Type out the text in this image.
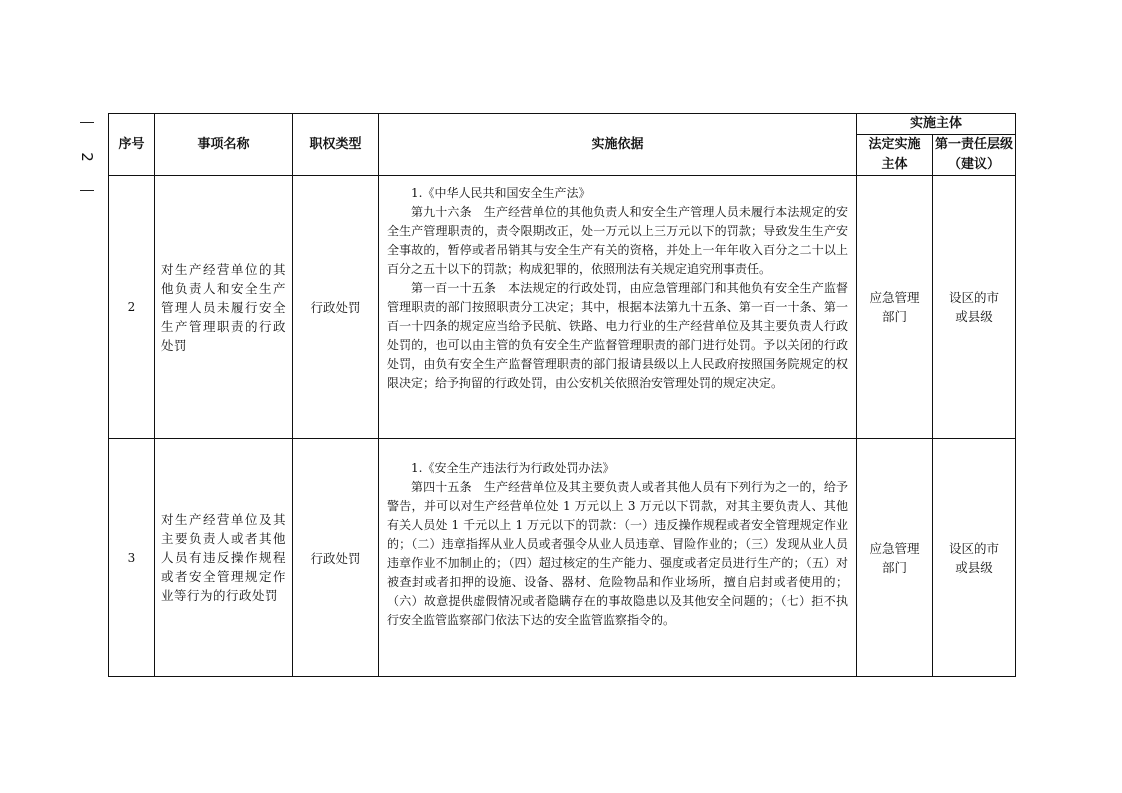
2
序号	事项名称	职权类型	实施依据	实施主体	
				法定实施主体	第一责任层级（建议）
2	对生产经营单位的其他负责人和安全生产管理人员未履行安全生产管理职责的行政处罚	行政处罚	1.《中华人民共和国安全生产法》

第九十六条　生产经营单位的其他负责人和安全生产管理人员未履行本法规定的安全生产管理职责的，责令限期改正，处一万元以上三万元以下的罚款；导致发生生产安全事故的，暂停或者吊销其与安全生产有关的资格，并处上一年年收入百分之二十以上百分之五十以下的罚款；构成犯罪的，依照刑法有关规定追究刑事责任。

第一百一十五条　本法规定的行政处罚，由应急管理部门和其他负有安全生产监督管理职责的部门按照职责分工决定；其中，根据本法第九十五条、第一百一十条、第一百一十四条的规定应当给予民航、铁路、电力行业的生产经营单位及其主要负责人行政处罚的，也可以由主管的负有安全生产监督管理职责的部门进行处罚。予以关闭的行政处罚，由负有安全生产监督管理职责的部门报请县级以上人民政府按照国务院规定的权限决定；给予拘留的行政处罚，由公安机关依照治安管理处罚的规定决定。	应急管理部门	设区的市或县级
3	对生产经营单位及其主要负责人或者其他人员有违反操作规程或者安全管理规定作业等行为的行政处罚	行政处罚	1.《安全生产违法行为行政处罚办法》

第四十五条　生产经营单位及其主要负责人或者其他人员有下列行为之一的，给予警告，并可以对生产经营单位处 1 万元以上 3 万元以下罚款，对其主要负责人、其他有关人员处 1 千元以上 1 万元以下的罚款：（一）违反操作规程或者安全管理规定作业的；（二）违章指挥从业人员或者强令从业人员违章、冒险作业的；（三）发现从业人员违章作业不加制止的；（四）超过核定的生产能力、强度或者定员进行生产的；（五）对被查封或者扣押的设施、设备、器材、危险物品和作业场所，擅自启封或者使用的；（六）故意提供虚假情况或者隐瞒存在的事故隐患以及其他安全问题的；（七）拒不执行安全监管监察部门依法下达的安全监管监察指令的。	应急管理部门	设区的市或县级
